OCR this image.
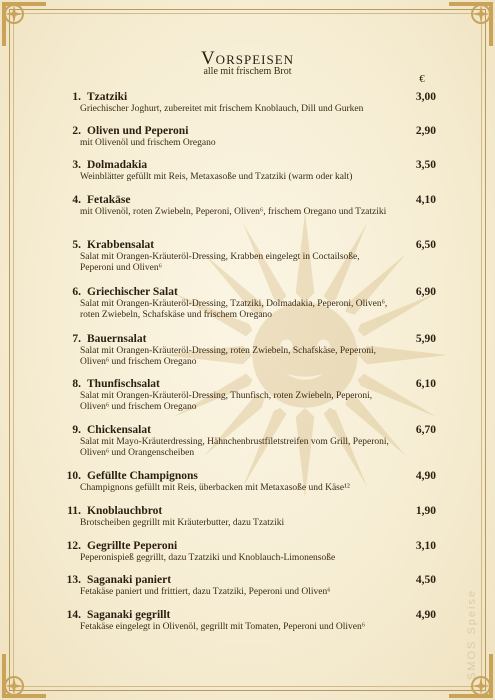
Vorspeisen
alle mit frischem Brot
€
1. Tzatziki	3,00
Griechischer Joghurt, zubereitet mit frischem Knoblauch, Dill und Gurken
2. Oliven und Peperoni	2,90
mit Olivenöl und frischem Oregano
3. Dolmadakia	3,50
Weinblätter gefüllt mit Reis, Metaxasoße und Tzatziki (warm oder kalt)
4. Fetakäse	4,10
mit Olivenöl, roten Zwiebeln, Peperoni, Oliven⁶, frischem Oregano und Tzatziki
5. Krabbensalat	6,50
Salat mit Orangen-Kräuteröl-Dressing, Krabben eingelegt in Coctailsoße, Peperoni und Oliven⁶
6. Griechischer Salat	6,90
Salat mit Orangen-Kräuteröl-Dressing, Tzatziki, Dolmadakia, Peperoni, Oliven⁶, roten Zwiebeln, Schafskäse und frischem Oregano
7. Bauernsalat	5,90
Salat mit Orangen-Kräuteröl-Dressing, roten Zwiebeln, Schafskäse, Peperoni, Oliven⁶ und frischem Oregano
8. Thunfischsalat	6,10
Salat mit Orangen-Kräuteröl-Dressing, Thunfisch, roten Zwiebeln, Peperoni, Oliven⁶ und frischem Oregano
9. Chickensalat	6,70
Salat mit Mayo-Kräuterdressing, Hähnchenbrustfiletstreifen vom Grill, Peperoni, Oliven⁶ und Orangenscheiben
10. Gefüllte Champignons	4,90
Champignons gefüllt mit Reis, überbacken mit Metaxasoße und Käse¹²
11. Knoblauchbrot	1,90
Brotscheiben gegrillt mit Kräuterbutter, dazu Tzatziki
12. Gegrillte Peperoni	3,10
Peperonispieß gegrillt, dazu Tzatziki und Knoblauch-Limonensoße
13. Saganaki paniert	4,50
Fetakäse paniert und frittiert, dazu Tzatziki, Peperoni und Oliven⁶
14. Saganaki gegrillt	4,90
Fetakäse eingelegt in Olivenöl, gegrillt mit Tomaten, Peperoni und Oliven⁶	SMOS Speise
